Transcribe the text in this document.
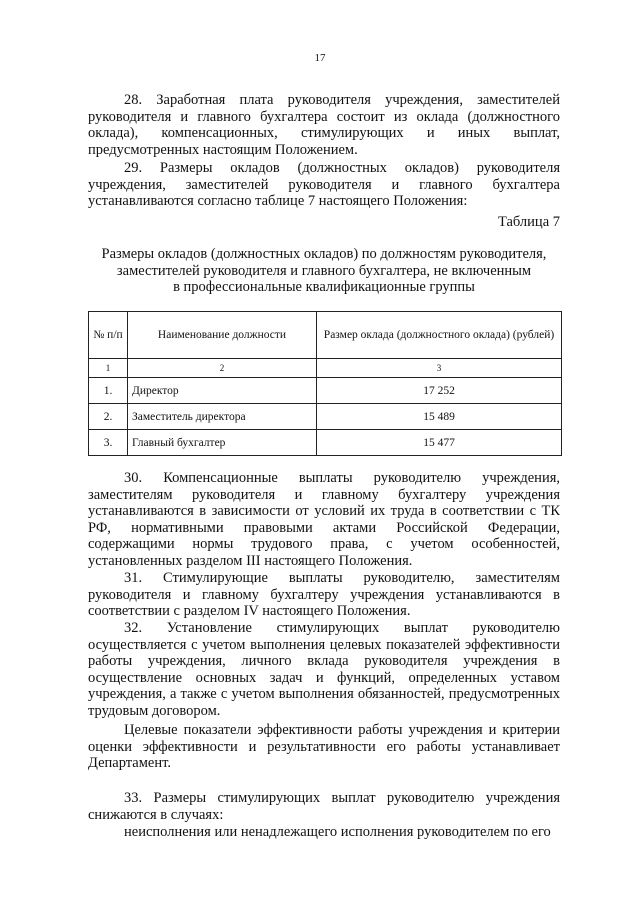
17

28. Заработная плата руководителя учреждения, заместителей руководителя и главного бухгалтера состоит из оклада (должностного оклада), компенсационных, стимулирующих и иных выплат, предусмотренных настоящим Положением.

29. Размеры окладов (должностных окладов) руководителя учреждения, заместителей руководителя и главного бухгалтера устанавливаются согласно таблице 7 настоящего Положения:

Таблица 7

Размеры окладов (должностных окладов) по должностям руководителя,

заместителей руководителя и главного бухгалтера, не включенным

в профессиональные квалификационные группы

№ п/п	Наименование должности	Размер оклада (должностного оклада) (рублей)
1	2	3
1.	Директор	17 252
2.	Заместитель директора	15 489
3.	Главный бухгалтер	15 477

30. Компенсационные выплаты руководителю учреждения, заместителям руководителя и главному бухгалтеру учреждения устанавливаются в зависимости от условий их труда в соответствии с ТК РФ, нормативными правовыми актами Российской Федерации, содержащими нормы трудового права, с учетом особенностей, установленных разделом III настоящего Положения.

31. Стимулирующие выплаты руководителю, заместителям руководителя и главному бухгалтеру учреждения устанавливаются в соответствии с разделом IV настоящего Положения.

32. Установление стимулирующих выплат руководителю осуществляется с учетом выполнения целевых показателей эффективности работы учреждения, личного вклада руководителя учреждения в осуществление основных задач и функций, определенных уставом учреждения, а также с учетом выполнения обязанностей, предусмотренных трудовым договором.

Целевые показатели эффективности работы учреждения и критерии оценки эффективности и результативности его работы устанавливает Департамент.

33. Размеры стимулирующих выплат руководителю учреждения снижаются в случаях:

неисполнения или ненадлежащего исполнения руководителем по его
